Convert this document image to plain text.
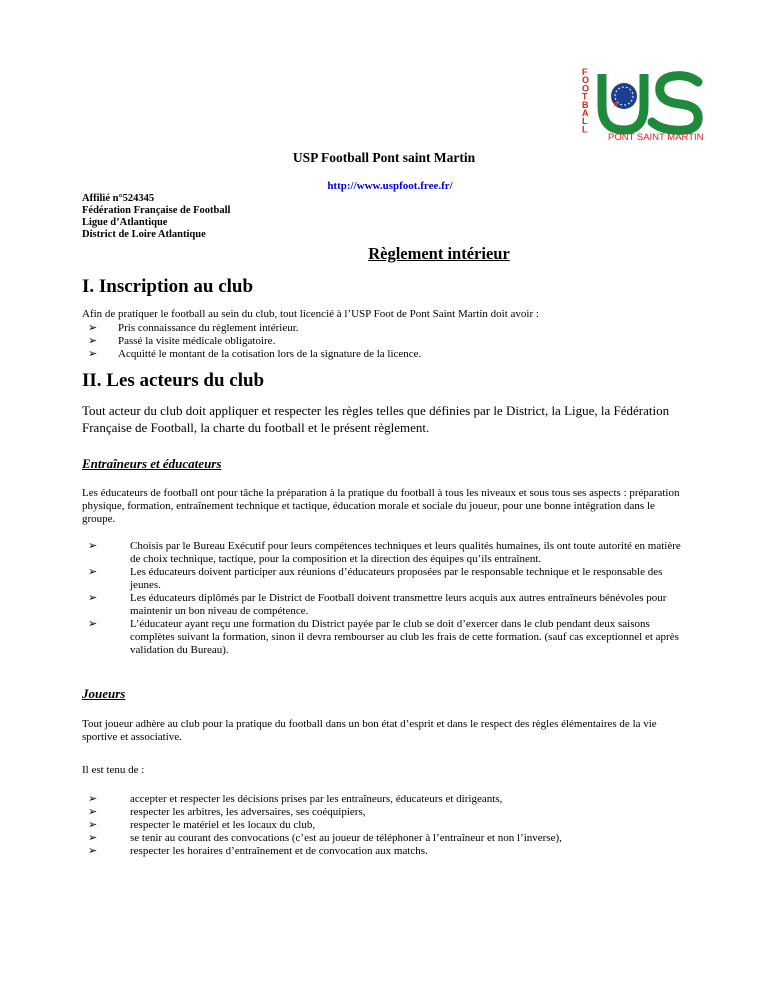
F
O
O
T
B
A
L
L
PONT SAINT MARTIN
USP Football Pont saint Martin
http://www.uspfoot.free.fr/
Affilié n°524345
Fédération Française de Football
Ligue d’Atlantique
District de Loire Atlantique
Règlement intérieur
I. Inscription au club

Afin de pratiquer le football au sein du club, tout licencié à l’USP Foot de Pont Saint Martin doit avoir :

➢ Pris connaissance du règlement intérieur.
➢ Passé la visite médicale obligatoire.
➢ Acquitté le montant de la cotisation lors de la signature de la licence.
II. Les acteurs du club

Tout acteur du club doit appliquer et respecter les règles telles que définies par le District, la Ligue, la Fédération Française de Football, la charte du football et le présent règlement.

Entraîneurs et éducateurs

Les éducateurs de football ont pour tâche la préparation à la pratique du football à tous les niveaux et sous tous ses aspects : préparation physique, formation, entraînement technique et tactique, éducation morale et sociale du joueur, pour une bonne intégration dans le groupe.

➢	Choisis par le Bureau Exécutif pour leurs compétences techniques et leurs qualités humaines, ils ont toute autorité en matière de choix technique, tactique, pour la composition et la direction des équipes qu’ils entraînent.
➢	Les éducateurs doivent participer aux réunions d’éducateurs proposées par le responsable technique et le responsable des jeunes.
➢	Les éducateurs diplômés par le District de Football doivent transmettre leurs acquis aux autres entraîneurs bénévoles pour maintenir un bon niveau de compétence.
➢	L’éducateur ayant reçu une formation du District payée par le club se doit d’exercer dans le club pendant deux saisons complètes suivant la formation, sinon il devra rembourser au club les frais de cette formation. (sauf cas exceptionnel et après validation du Bureau).
Joueurs

Tout joueur adhère au club pour la pratique du football dans un bon état d’esprit et dans le respect des règles élémentaires de la vie sportive et associative.

Il est tenu de :

➢	accepter et respecter les décisions prises par les entraîneurs, éducateurs et dirigeants,
➢	respecter les arbitres, les adversaires, ses coéquipiers,
➢	respecter le matériel et les locaux du club,
➢	se tenir au courant des convocations (c’est au joueur de téléphoner à l’entraîneur et non l’inverse),
➢	respecter les horaires d’entraînement et de convocation aux matchs.
